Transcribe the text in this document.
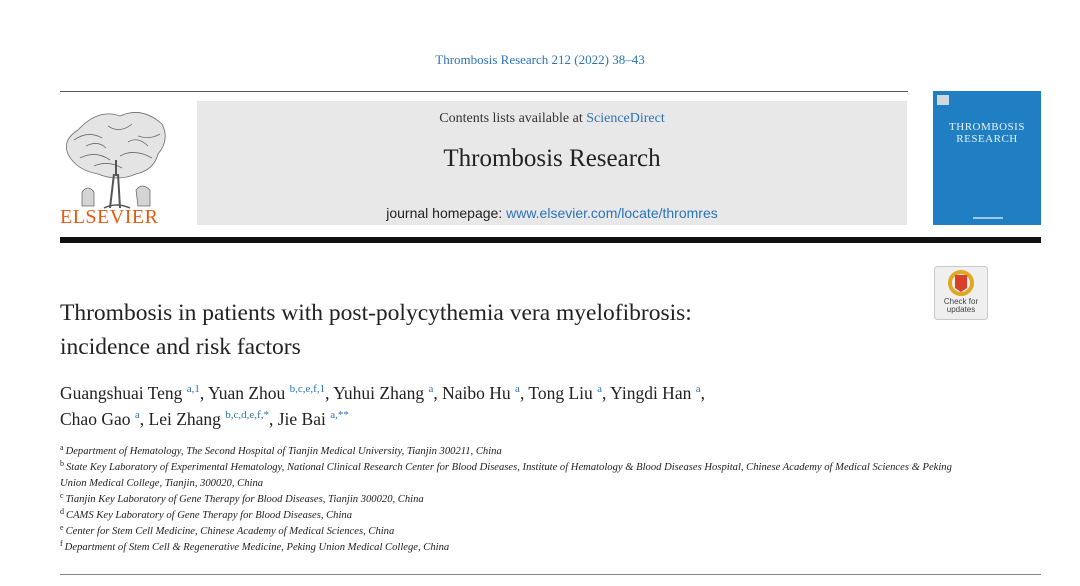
Thrombosis Research 212 (2022) 38–43
ELSEVIER
Contents lists available at ScienceDirect
Thrombosis Research
journal homepage: www.elsevier.com/locate/thromres
THROMBOSIS
RESEARCH
Check for
updates
Thrombosis in patients with post-polycythemia vera myelofibrosis:
incidence and risk factors
Guangshuai Teng $^{a,1}$, Yuan Zhou $^{b,c,e,f,1}$, Yuhui Zhang $^a$, Naibo Hu $^a$, Tong Liu $^a$, Yingdi Han $^a$,
Chao Gao $^a$, Lei Zhang $^{b,c,d,e,f,*}$, Jie Bai $^{a,**}$
$^a$ Department of Hematology, The Second Hospital of Tianjin Medical University, Tianjin 300211, China
$^b$ State Key Laboratory of Experimental Hematology, National Clinical Research Center for Blood Diseases, Institute of Hematology & Blood Diseases Hospital, Chinese Academy of Medical Sciences & Peking Union Medical College, Tianjin, 300020, China
$^c$ Tianjin Key Laboratory of Gene Therapy for Blood Diseases, Tianjin 300020, China
$^d$ CAMS Key Laboratory of Gene Therapy for Blood Diseases, China
$^e$ Center for Stem Cell Medicine, Chinese Academy of Medical Sciences, China
$^f$ Department of Stem Cell & Regenerative Medicine, Peking Union Medical College, China
